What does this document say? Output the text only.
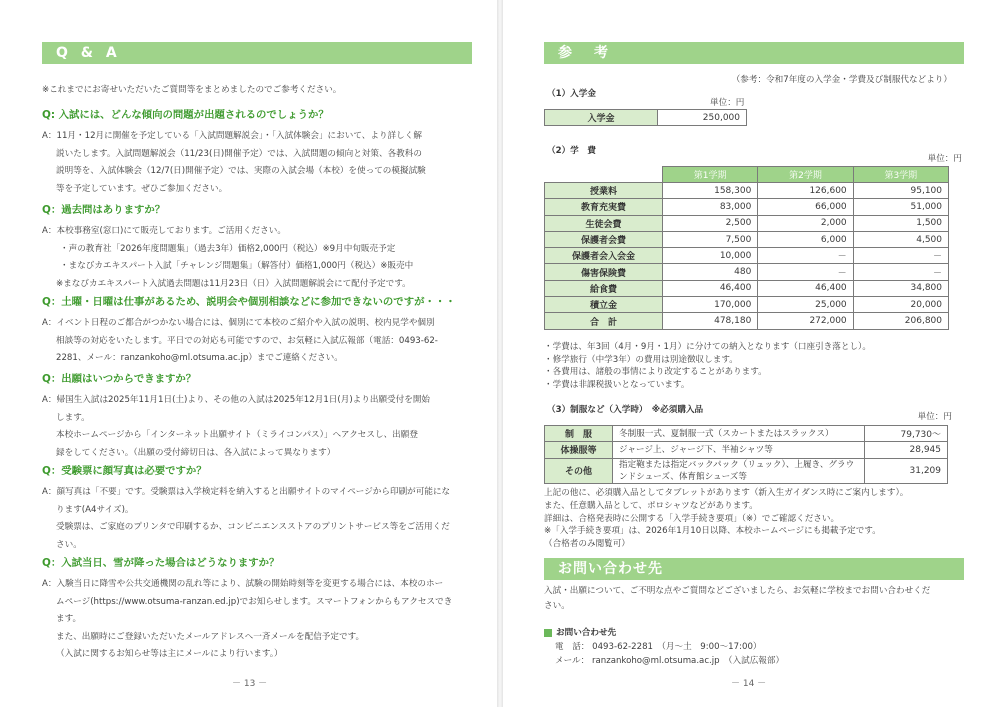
Q & A
※これまでにお寄せいただいたご質問等をまとめましたのでご参考ください。
Q: 入試には、どんな傾向の問題が出題されるのでしょうか？
A：11月・12月に開催を予定している「入試問題解説会」・「入試体験会」において、より詳しく解
説いたします。入試問題解説会（11/23(日)開催予定）では、入試問題の傾向と対策、各教科の
説明等を、入試体験会（12/7(日)開催予定）では、実際の入試会場（本校）を使っての模擬試験
等を予定しています。ぜひご参加ください。
Q：過去問はありますか？
A：本校事務室(窓口)にて販売しております。ご活用ください。
・声の教育社「2026年度問題集」（過去3年）価格2,000円（税込）※9月中旬販売予定
・まなびカエキスパート入試「チャレンジ問題集」（解答付）価格1,000円（税込）※販売中
※まなびカエキスパート入試過去問題は11月23日（日）入試問題解説会にて配付予定です。
Q：土曜・日曜は仕事があるため、説明会や個別相談などに参加できないのですが・・・
A：イベント日程のご都合がつかない場合には、個別にて本校のご紹介や入試の説明、校内見学や個別
相談等の対応をいたします。平日での対応も可能ですので、お気軽に入試広報部（電話：0493-62-
2281、メール：ranzankoho@ml.otsuma.ac.jp）までご連絡ください。
Q：出願はいつからできますか？
A：帰国生入試は2025年11月1日(土)より、その他の入試は2025年12月1日(月)より出願受付を開始
します。
本校ホームページから「インターネット出願サイト（ミライコンパス）」へアクセスし、出願登
録をしてください。（出願の受付締切日は、各入試によって異なります）
Q：受験票に顔写真は必要ですか？
A：顔写真は「不要」です。受験票は入学検定料を納入すると出願サイトのマイページから印刷が可能にな
ります(A4サイズ)。
受験票は、ご家庭のプリンタで印刷するか、コンビニエンスストアのプリントサービス等をご活用くだ
さい。
Q：入試当日、雪が降った場合はどうなりますか？
A：入験当日に降雪や公共交通機関の乱れ等により、試験の開始時刻等を変更する場合には、本校のホー
ムページ(https://www.otsuma-ranzan.ed.jp)でお知らせします。スマートフォンからもアクセスでき
ます。
また、出願時にご登録いただいたメールアドレスへ一斉メールを配信予定です。
（入試に関するお知らせ等は主にメールにより行います。）
－ 13 －
参　考
（参考：令和7年度の入学金・学費及び制服代などより）
（1）入学金
単位：円
入学金	250,000
（2）学　費
単位：円
	第1学期	第2学期	第3学期
授業料	158,300	126,600	95,100
教育充実費	83,000	66,000	51,000
生徒会費	2,500	2,000	1,500
保護者会費	7,500	6,000	4,500
保護者会入会金	10,000	－	－
傷害保険費	480	－	－
給食費	46,400	46,400	34,800
積立金	170,000	25,000	20,000
合　計	478,180	272,000	206,800
・学費は、年3回（4月・9月・1月）に分けての納入となります（口座引き落とし）。
・修学旅行（中学3年）の費用は別途徴収します。
・各費用は、諸般の事情により改定することがあります。
・学費は非課税扱いとなっています。
（3）制服など（入学時）　※必須購入品
単位：円
制　服	冬制服一式、夏制服一式（スカートまたはスラックス）	79,730～
体操服等	ジャージ上、ジャージ下、半袖シャツ等	28,945
その他	指定鞄または指定バックパック（リュック）、上履き、グラウンドシューズ、体育館シューズ等	31,209
上記の他に、必須購入品としてタブレットがあります（新入生ガイダンス時にご案内します）。
また、任意購入品として、ポロシャツなどがあります。
詳細は、合格発表時に公開する「入学手続き要項」（※）でご確認ください。
※「入学手続き要項」は、2026年1月10日以降、本校ホームページにも掲載予定です。
（合格者のみ閲覧可）
お問い合わせ先
入試・出願について、ご不明な点やご質問などございましたら、お気軽に学校までお問い合わせくだ
さい。
お問い合わせ先
電　話： 0493-62-2281　（月～土　9:00～17:00）
メール： ranzankoho@ml.otsuma.ac.jp　（入試広報部）
－ 14 －
